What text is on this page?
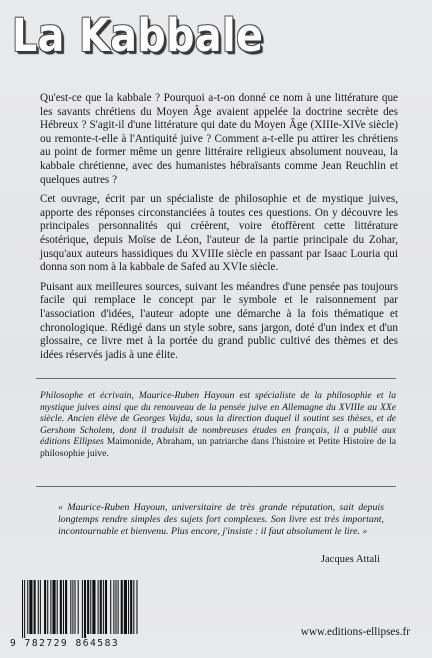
La Kabbale

Qu'est-ce que la kabbale ? Pourquoi a-t-on donné ce nom à une littérature que les savants chrétiens du Moyen Âge avaient appelée la doctrine secrète des Hébreux ? S'agit-il d'une littérature qui date du Moyen Âge (XIIIe-XIVe siècle) ou remonte-t-elle à l'Antiquité juive ? Comment a-t-elle pu attirer les chrétiens au point de former même un genre littéraire religieux absolument nouveau, la kabbale chrétienne, avec des humanistes hébraïsants comme Jean Reuchlin et quelques autres ?

Cet ouvrage, écrit par un spécialiste de philosophie et de mystique juives, apporte des réponses circonstanciées à toutes ces questions. On y découvre les principales personnalités qui créèrent, voire étoffèrent cette littérature ésotérique, depuis Moïse de Léon, l'auteur de la partie principale du Zohar, jusqu'aux auteurs hassidiques du XVIIIe siècle en passant par Isaac Louria qui donna son nom à la kabbale de Safed au XVIe siècle.

Puisant aux meilleures sources, suivant les méandres d'une pensée pas toujours facile qui remplace le concept par le symbole et le raisonnement par l'association d'idées, l'auteur adopte une démarche à la fois thématique et chronologique. Rédigé dans un style sobre, sans jargon, doté d'un index et d'un glossaire, ce livre met à la portée du grand public cultivé des thèmes et des idées réservés jadis à une élite.

Philosophe et écrivain, Maurice-Ruben Hayoun est spécialiste de la philosophie et la mystique juives ainsi que du renouveau de la pensée juive en Allemagne du XVIIIe au XXe siècle. Ancien élève de Georges Vajda, sous la direction duquel il soutint ses thèses, et de Gershom Scholem, dont il traduisit de nombreuses études en français, il a publié aux éditions Ellipses Maimonide, Abraham, un patriarche dans l'histoire et Petite Histoire de la philosophie juive.
« Maurice-Ruben Hayoun, universitaire de très grande réputation, sait depuis longtemps rendre simples des sujets fort complexes. Son livre est très important, incontournable et bienvenu. Plus encore, j'insiste : il faut absolument le lire. »
Jacques Attali
9 782729 864583
www.editions-ellipses.fr
